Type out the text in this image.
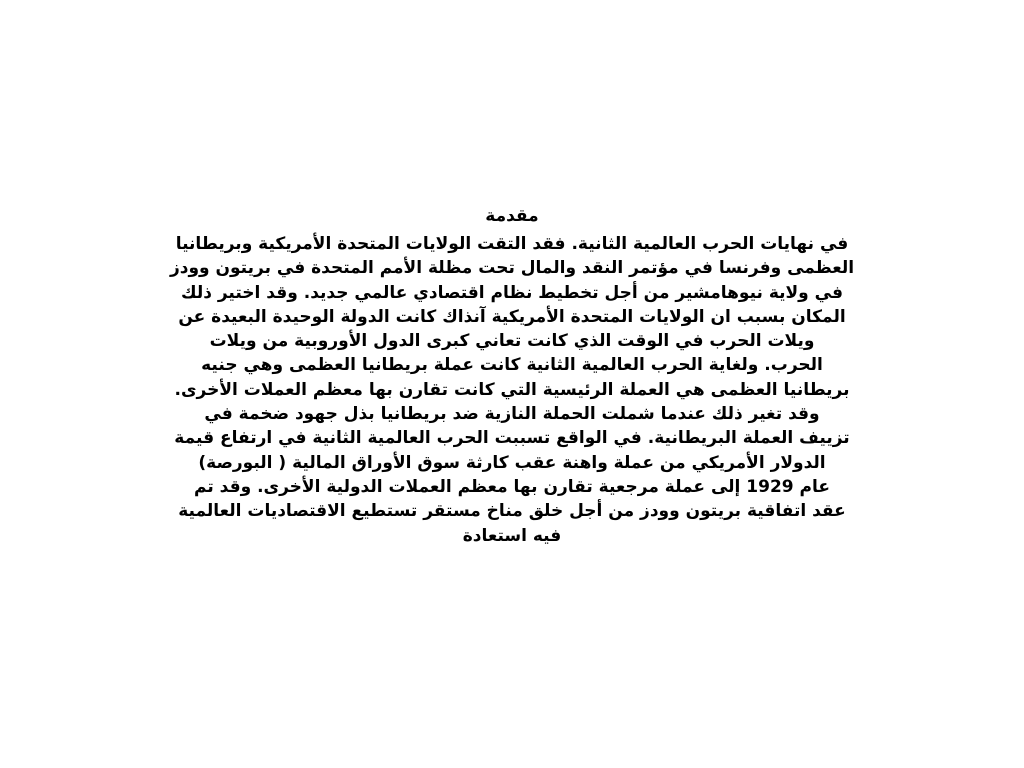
مقدمة

في نهايات الحرب العالمية الثانية. فقد التقت الولايات المتحدة الأمريكية وبريطانيا
العظمى وفرنسا في مؤتمر النقد والمال تحت مظلة الأمم المتحدة في بريتون وودز
في ولاية نيوهامشير من أجل تخطيط نظام اقتصادي عالمي جديد. وقد اختير ذلك
المكان بسبب ان الولايات المتحدة الأمريكية آنذاك كانت الدولة الوحيدة البعيدة عن
ويلات الحرب في الوقت الذي كانت تعاني كبرى الدول الأوروبية من ويلات
الحرب. ولغاية الحرب العالمية الثانية كانت عملة بريطانيا العظمى وهي جنيه
بريطانيا العظمى هي العملة الرئيسية التي كانت تقارن بها معظم العملات الأخرى.
وقد تغير ذلك عندما شملت الحملة النازية ضد بريطانيا بذل جهود ضخمة في
تزييف العملة البريطانية. في الواقع تسببت الحرب العالمية الثانية في ارتفاع قيمة
الدولار الأمريكي من عملة واهنة عقب كارثة سوق الأوراق المالية ( البورصة)
عام 1929 إلى عملة مرجعية تقارن بها معظم العملات الدولية الأخرى. وقد تم
عقد اتفاقية بريتون وودز من أجل خلق مناخ مستقر تستطيع الاقتصاديات العالمية
فيه استعادة
